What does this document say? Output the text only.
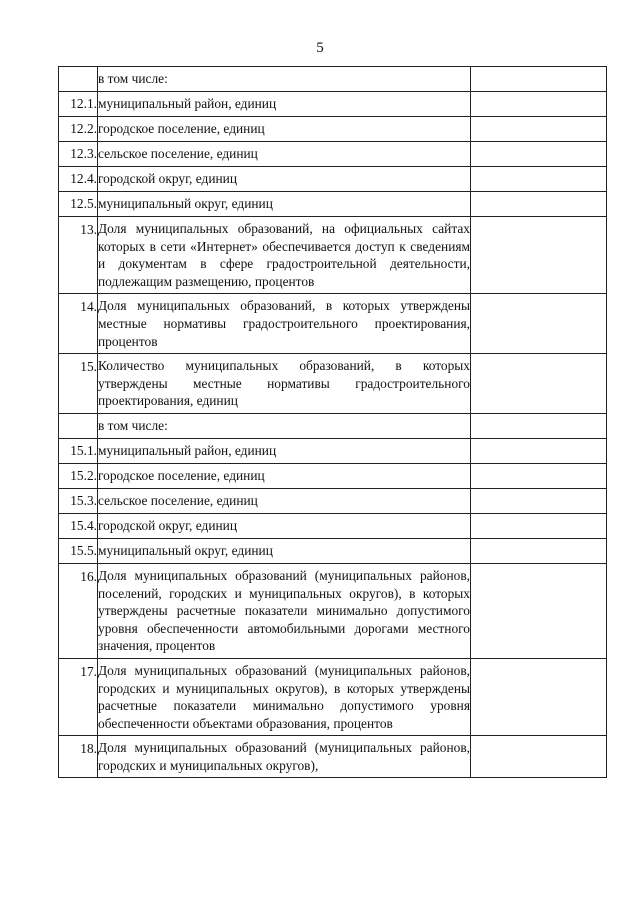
5
	в том числе:	
12.1.	муниципальный район, единиц	
12.2.	городское поселение, единиц	
12.3.	сельское поселение, единиц	
12.4.	городской округ, единиц	
12.5.	муниципальный округ, единиц	
13.	Доля муниципальных образований, на официальных сайтах которых в сети «Интернет» обеспечивается доступ к сведениям и документам в сфере градостроительной деятельности, подлежащим размещению, процентов	
14.	Доля муниципальных образований, в которых утверждены местные нормативы градостроительного проектирования, процентов	
15.	Количество муниципальных образований, в которых утверждены местные нормативы градостроительного проектирования, единиц	
	в том числе:	
15.1.	муниципальный район, единиц	
15.2.	городское поселение, единиц	
15.3.	сельское поселение, единиц	
15.4.	городской округ, единиц	
15.5.	муниципальный округ, единиц	
16.	Доля муниципальных образований (муниципальных районов, поселений, городских и муниципальных округов), в которых утверждены расчетные показатели минимально допустимого уровня обеспеченности автомобильными дорогами местного значения, процентов	
17.	Доля муниципальных образований (муниципальных районов, городских и муниципальных округов), в которых утверждены расчетные показатели минимально допустимого уровня обеспеченности объектами образования, процентов	
18.	Доля муниципальных образований (муниципальных районов, городских и муниципальных округов),	
